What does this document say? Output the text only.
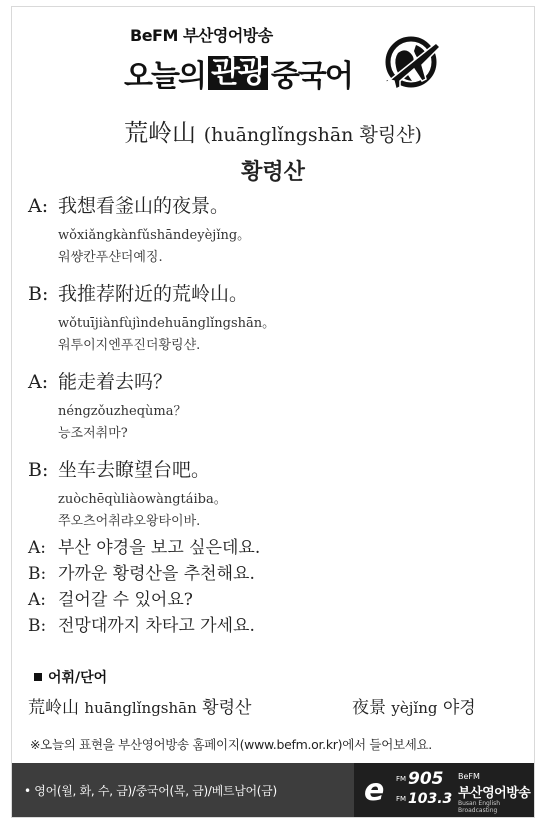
BeFM 부산영어방송
오늘의 관광 중국어
荒岭山 (huānglǐngshān 황링샨)
황령산
A: 我想看釜山的夜景。
wǒxiǎngkànfǔshāndeyèjǐng。
워썅칸푸샨더예징.
B: 我推荐附近的荒岭山。
wǒtuījiànfùjìndehuānglǐngshān。
워투이지엔푸진더황링샨.
A: 能走着去吗？
néngzǒuzheqùma？
능조저취마?
B: 坐车去瞭望台吧。
zuòchēqùliàowàngtáiba。
쭈오츠어취랴오왕타이바.
A: 부산 야경을 보고 싶은데요.
B: 가까운 황령산을 추천해요.
A: 걸어갈 수 있어요?
B: 전망대까지 차타고 가세요.
어휘/단어
荒岭山 huānglǐngshān 황령산	夜景 yèjǐng 야경
※오늘의 표현을 부산영어방송 홈페이지(www.befm.or.kr)에서 들어보세요.
• 영어(월, 화, 수, 금)/중국어(목, 금)/베트남어(금)	e FM 905
FM 103.3
BeFM
부산영어방송
Busan English Broadcasting
